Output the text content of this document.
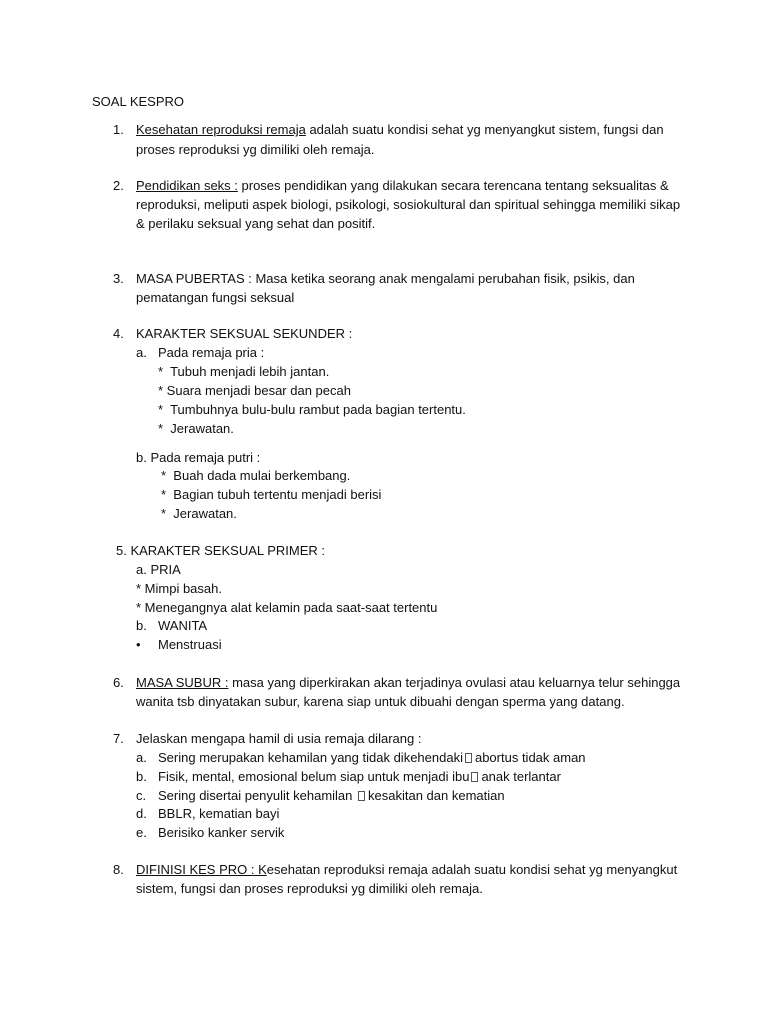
SOAL KESPRO
1. Kesehatan reproduksi remaja adalah suatu kondisi sehat yg menyangkut sistem, fungsi dan
proses reproduksi yg dimiliki oleh remaja.
2. Pendidikan seks : proses pendidikan yang dilakukan secara terencana tentang seksualitas &
reproduksi, meliputi aspek biologi, psikologi, sosiokultural dan spiritual sehingga memiliki sikap
& perilaku seksual yang sehat dan positif.
3. MASA PUBERTAS : Masa ketika seorang anak mengalami perubahan fisik, psikis, dan
pematangan fungsi seksual
4. KARAKTER SEKSUAL SEKUNDER :
a. Pada remaja pria :
*  Tubuh menjadi lebih jantan.
* Suara menjadi besar dan pecah
*  Tumbuhnya bulu-bulu rambut pada bagian tertentu.
*  Jerawatan.
b. Pada remaja putri :
*  Buah dada mulai berkembang.
*  Bagian tubuh tertentu menjadi berisi
*  Jerawatan.
5. KARAKTER SEKSUAL PRIMER :
a. PRIA
* Mimpi basah.
* Menegangnya alat kelamin pada saat-saat tertentu
b. WANITA
• Menstruasi
6. MASA SUBUR : masa yang diperkirakan akan terjadinya ovulasi atau keluarnya telur sehingga
wanita tsb dinyatakan subur, karena siap untuk dibuahi dengan sperma yang datang.
7. Jelaskan mengapa hamil di usia remaja dilarang :
a. Sering merupakan kehamilan yang tidak dikehendaki abortus tidak aman
b. Fisik, mental, emosional belum siap untuk menjadi ibu anak terlantar
c. Sering disertai penyulit kehamilan kesakitan dan kematian
d. BBLR, kematian bayi
e. Berisiko kanker servik
8. DIFINISI KES PRO : Kesehatan reproduksi remaja adalah suatu kondisi sehat yg menyangkut
sistem, fungsi dan proses reproduksi yg dimiliki oleh remaja.
